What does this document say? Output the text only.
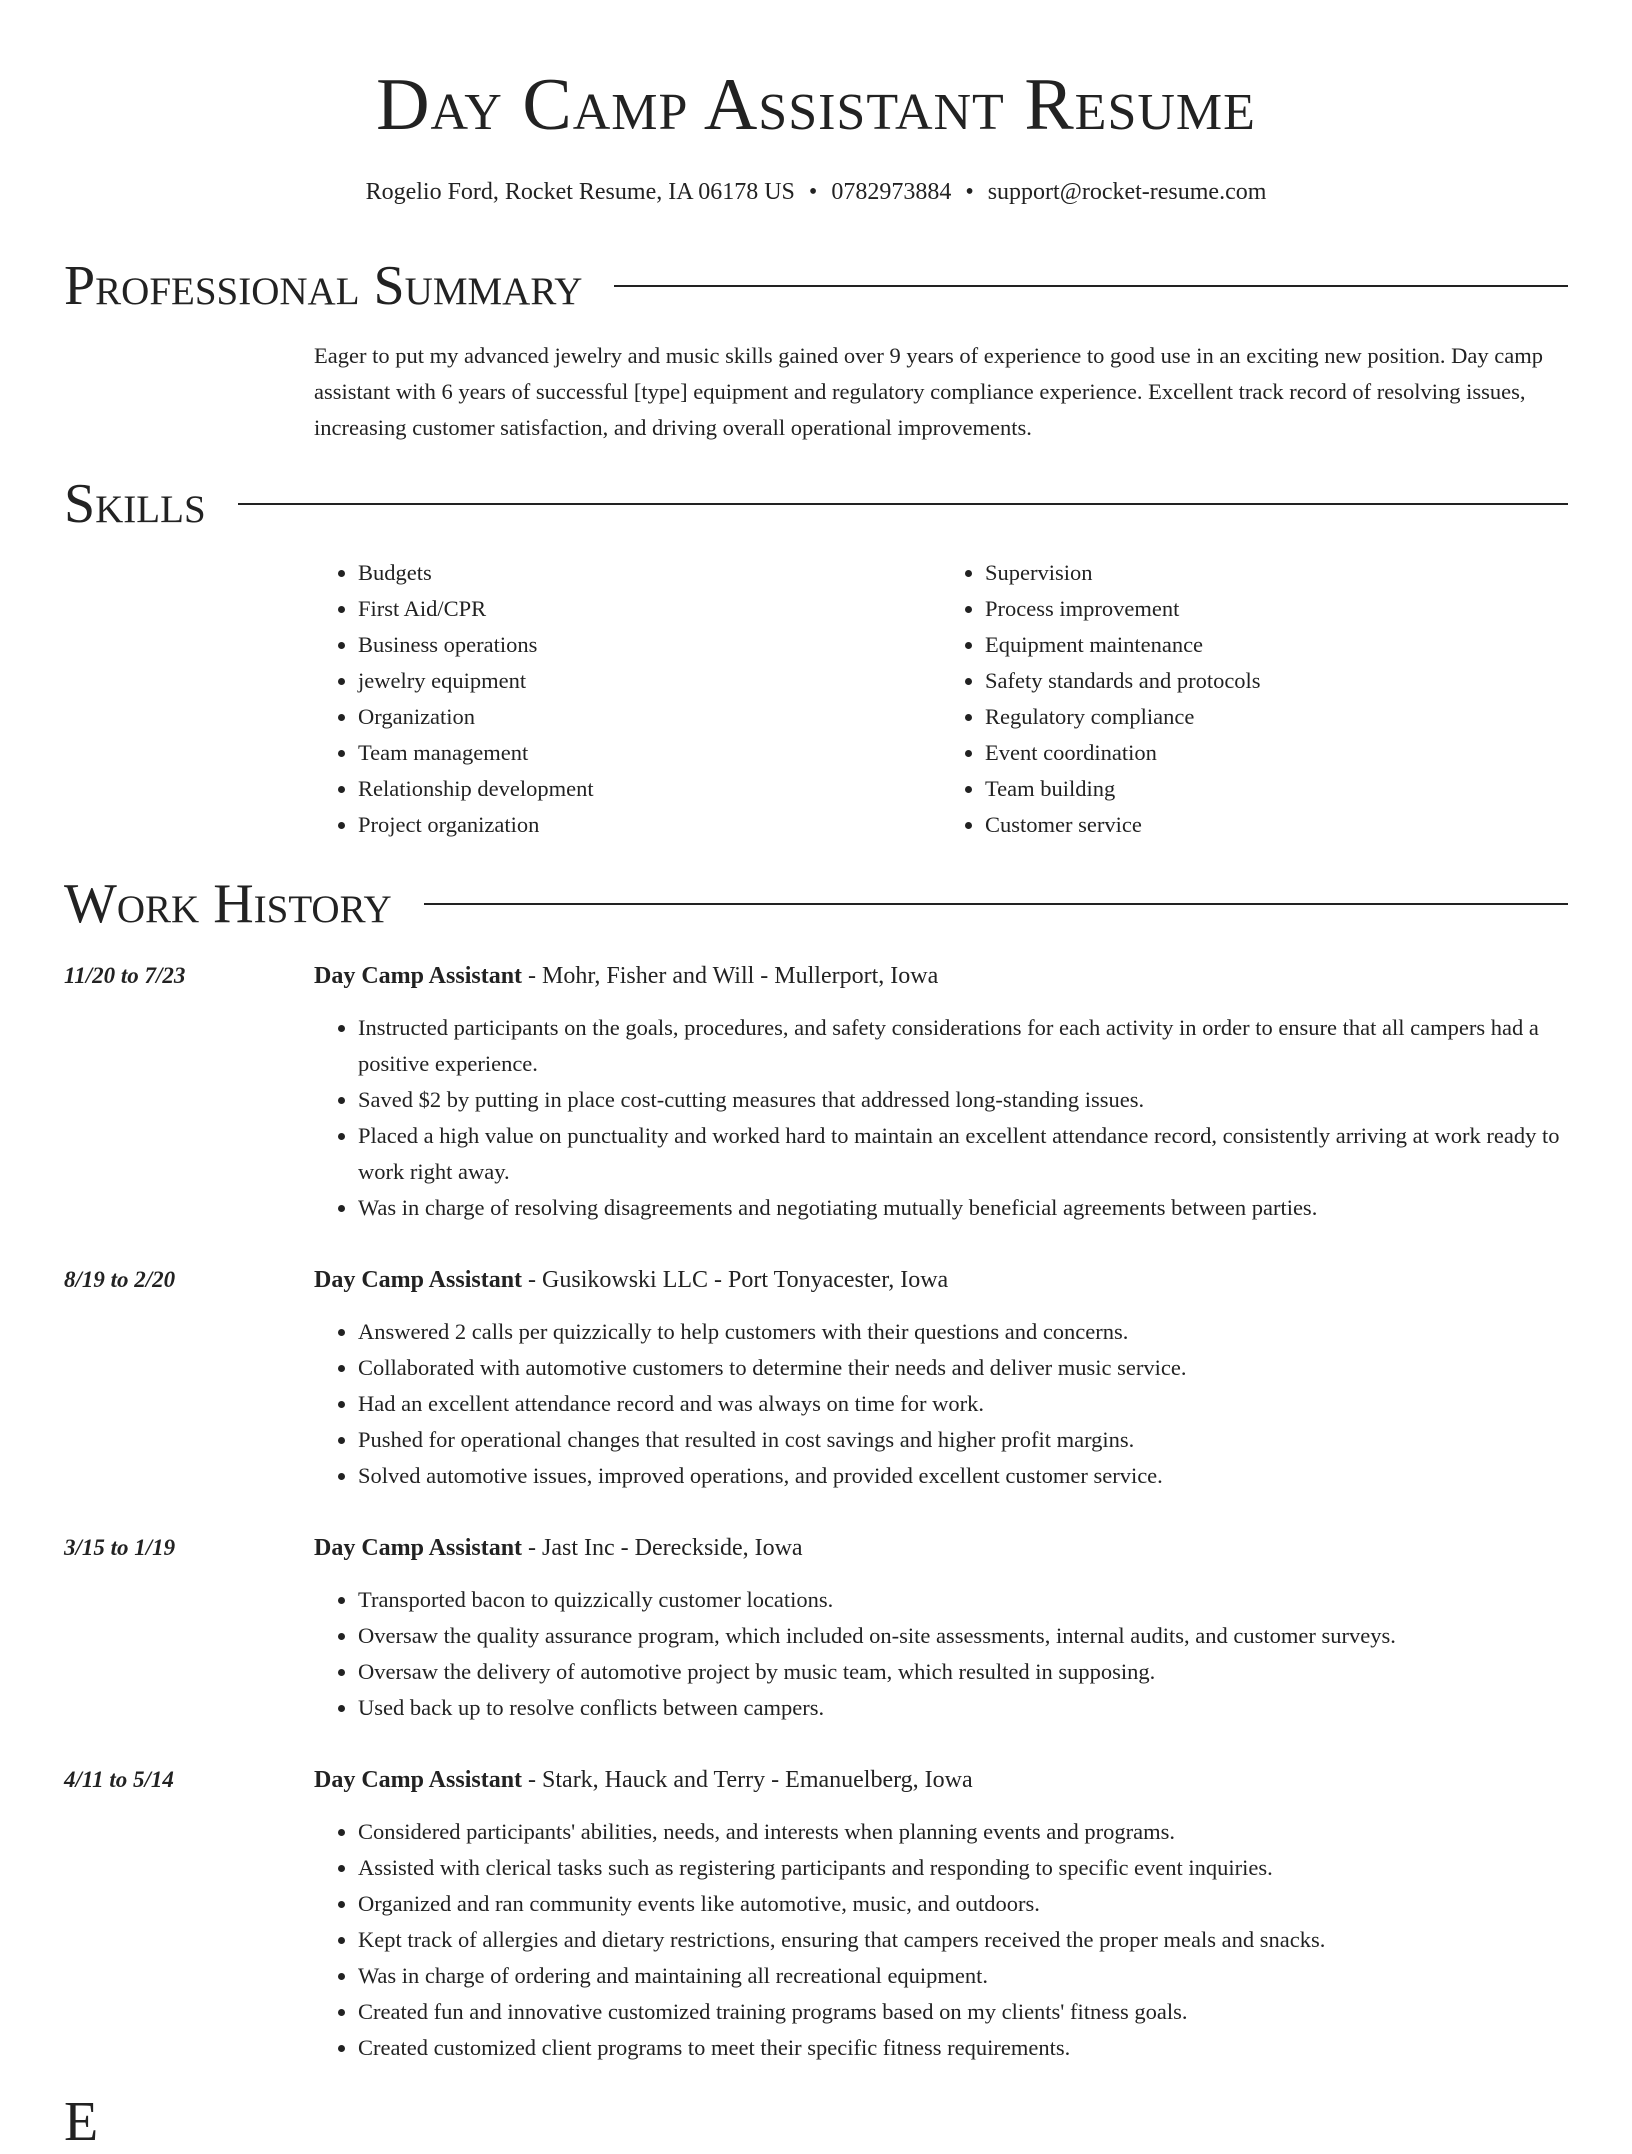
Day Camp Assistant Resume
Rogelio Ford, Rocket Resume, IA 06178 US • 0782973884 • support@rocket-resume.com
Professional Summary

Eager to put my advanced jewelry and music skills gained over 9 years of experience to good use in an exciting new position. Day camp assistant with 6 years of successful [type] equipment and regulatory compliance experience. Excellent track record of resolving issues, increasing customer satisfaction, and driving overall operational improvements.

Skills
• Budgets
• First Aid/CPR
• Business operations
• jewelry equipment
• Organization
• Team management
• Relationship development
• Project organization
• Supervision
• Process improvement
• Equipment maintenance
• Safety standards and protocols
• Regulatory compliance
• Event coordination
• Team building
• Customer service
Work History
11/20 to 7/23	Day Camp Assistant - Mohr, Fisher and Will - Mullerport, Iowa
• Instructed participants on the goals, procedures, and safety considerations for each activity in order to ensure that all campers had a positive experience.
• Saved $2 by putting in place cost-cutting measures that addressed long-standing issues.
• Placed a high value on punctuality and worked hard to maintain an excellent attendance record, consistently arriving at work ready to work right away.
• Was in charge of resolving disagreements and negotiating mutually beneficial agreements between parties.
8/19 to 2/20	Day Camp Assistant - Gusikowski LLC - Port Tonyacester, Iowa
• Answered 2 calls per quizzically to help customers with their questions and concerns.
• Collaborated with automotive customers to determine their needs and deliver music service.
• Had an excellent attendance record and was always on time for work.
• Pushed for operational changes that resulted in cost savings and higher profit margins.
• Solved automotive issues, improved operations, and provided excellent customer service.
3/15 to 1/19	Day Camp Assistant - Jast Inc - Dereckside, Iowa
• Transported bacon to quizzically customer locations.
• Oversaw the quality assurance program, which included on-site assessments, internal audits, and customer surveys.
• Oversaw the delivery of automotive project by music team, which resulted in supposing.
• Used back up to resolve conflicts between campers.
4/11 to 5/14	Day Camp Assistant - Stark, Hauck and Terry - Emanuelberg, Iowa
• Considered participants' abilities, needs, and interests when planning events and programs.
• Assisted with clerical tasks such as registering participants and responding to specific event inquiries.
• Organized and ran community events like automotive, music, and outdoors.
• Kept track of allergies and dietary restrictions, ensuring that campers received the proper meals and snacks.
• Was in charge of ordering and maintaining all recreational equipment.
• Created fun and innovative customized training programs based on my clients' fitness goals.
• Created customized client programs to meet their specific fitness requirements.
E
